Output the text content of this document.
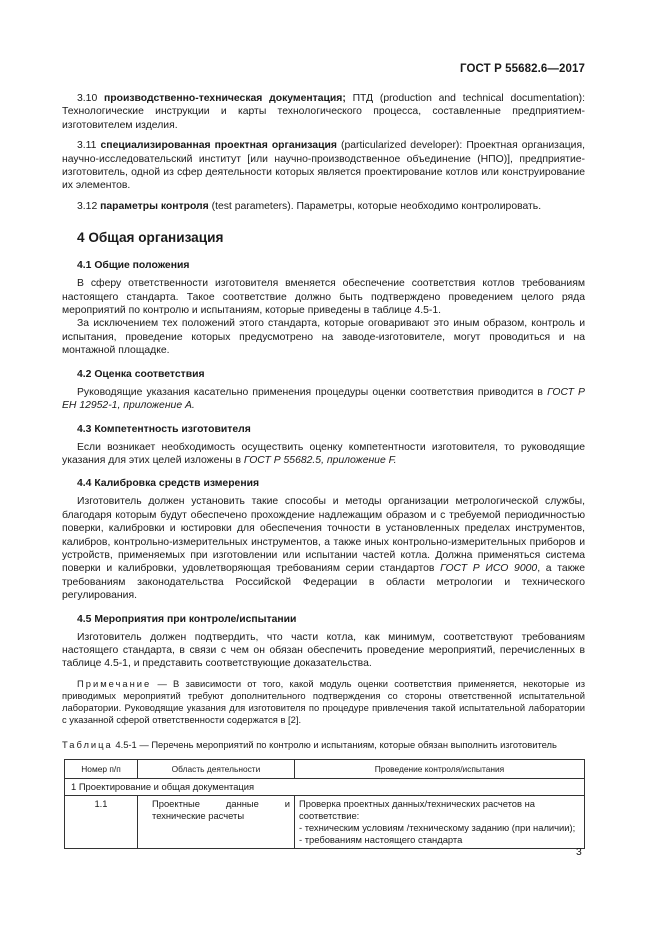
ГОСТ Р 55682.6—2017

3.10 производственно-техническая документация; ПТД (production and technical documentation): Технологические инструкции и карты технологического процесса, составленные предприятием-изготовителем изделия.

3.11 специализированная проектная организация (particularized developer): Проектная организация, научно-исследовательский институт [или научно-производственное объединение (НПО)], предприятие-изготовитель, одной из сфер деятельности которых является проектирование котлов или конструирование их элементов.

3.12 параметры контроля (test parameters). Параметры, которые необходимо контролировать.

4 Общая организация
4.1 Общие положения

В сферу ответственности изготовителя вменяется обеспечение соответствия котлов требованиям настоящего стандарта. Такое соответствие должно быть подтверждено проведением целого ряда мероприятий по контролю и испытаниям, которые приведены в таблице 4.5-1.

За исключением тех положений этого стандарта, которые оговаривают это иным образом, контроль и испытания, проведение которых предусмотрено на заводе-изготовителе, могут проводиться и на монтажной площадке.

4.2 Оценка соответствия

Руководящие указания касательно применения процедуры оценки соответствия приводится в ГОСТ Р ЕН 12952-1, приложение А.

4.3 Компетентность изготовителя

Если возникает необходимость осуществить оценку компетентности изготовителя, то руководящие указания для этих целей изложены в ГОСТ Р 55682.5, приложение F.

4.4 Калибровка средств измерения

Изготовитель должен установить такие способы и методы организации метрологической службы, благодаря которым будут обеспечено прохождение надлежащим образом и с требуемой периодичностью поверки, калибровки и юстировки для обеспечения точности в установленных пределах инструментов, калибров, контрольно-измерительных инструментов, а также иных контрольно-измерительных приборов и устройств, применяемых при изготовлении или испытании частей котла. Должна применяться система поверки и калибровки, удовлетворяющая требованиям серии стандартов ГОСТ Р ИСО 9000, а также требованиям законодательства Российской Федерации в области метрологии и технического регулирования.

4.5 Мероприятия при контроле/испытании

Изготовитель должен подтвердить, что части котла, как минимум, соответствуют требованиям настоящего стандарта, в связи с чем он обязан обеспечить проведение мероприятий, перечисленных в таблице 4.5-1, и представить соответствующие доказательства.

Примечание — В зависимости от того, какой модуль оценки соответствия применяется, некоторые из приводимых мероприятий требуют дополнительного подтверждения со стороны ответственной испытательной лаборатории. Руководящие указания для изготовителя по процедуре привлечения такой испытательной лаборатории с указанной сферой ответственности содержатся в [2].

Таблица 4.5-1 — Перечень мероприятий по контролю и испытаниям, которые обязан выполнить изготовитель

Номер п/п	Область деятельности	Проведение контроля/испытания
1 Проектирование и общая документация		
1.1	Проектные данные и технические расчеты	Проверка проектных данных/технических расчетов на соответствие:
- техническим условиям /техническому заданию (при наличии);
- требованиям настоящего стандарта
3
